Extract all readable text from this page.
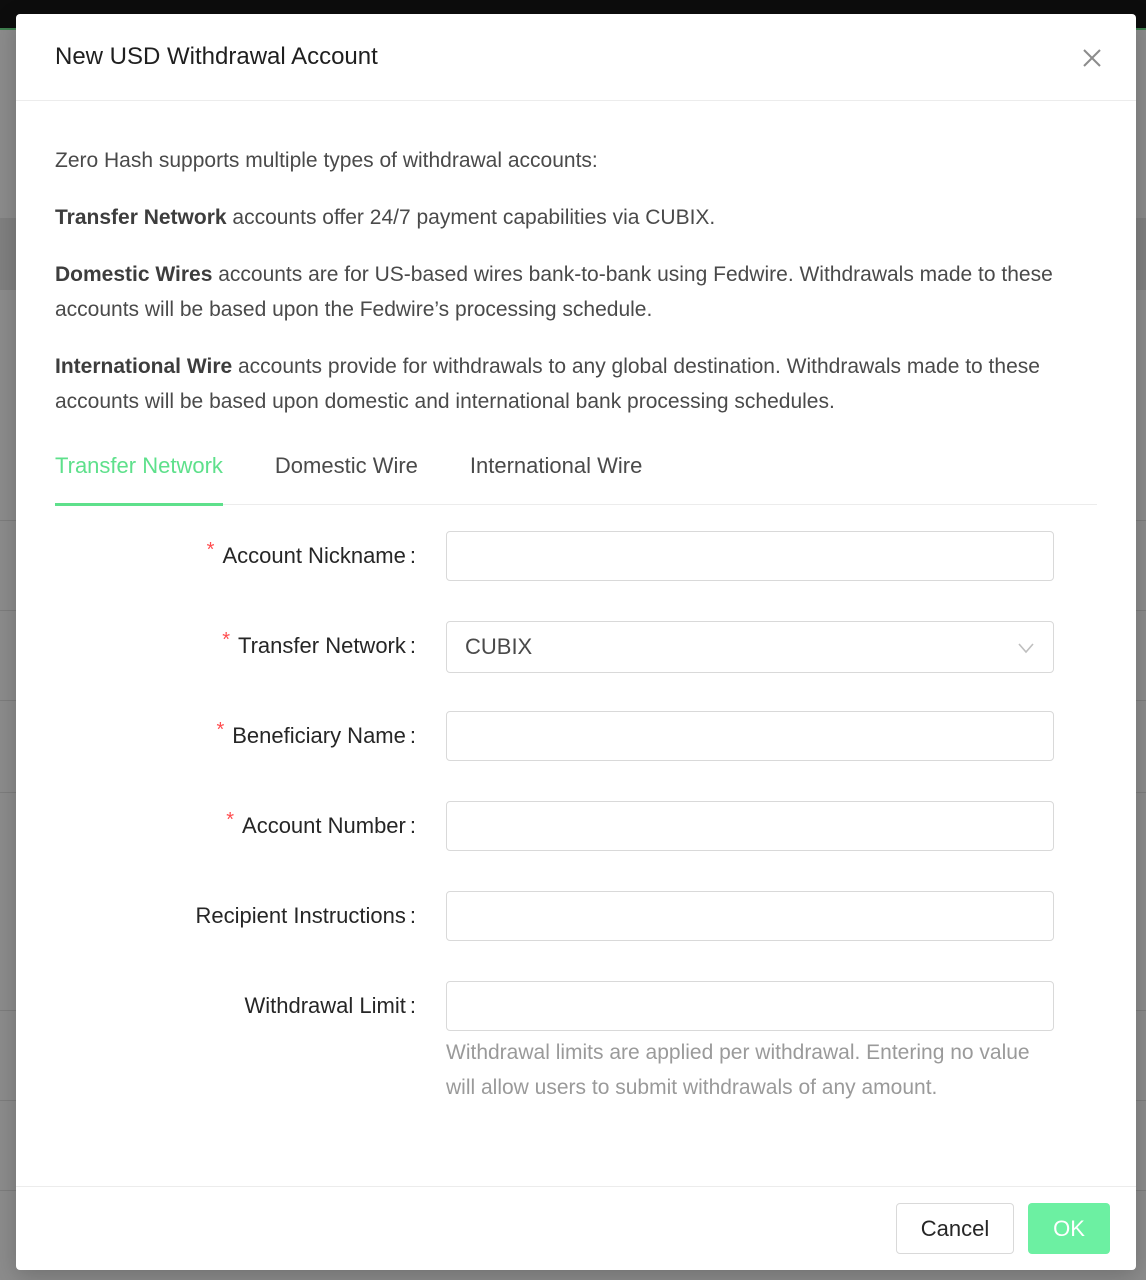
New USD Withdrawal Account

Zero Hash supports multiple types of withdrawal accounts:

Transfer Network accounts offer 24/7 payment capabilities via CUBIX.

Domestic Wires accounts are for US-based wires bank-to-bank using Fedwire. Withdrawals made to these accounts will be based upon the Fedwire’s processing schedule.

International Wire accounts provide for withdrawals to any global destination. Withdrawals made to these accounts will be based upon domestic and international bank processing schedules.

Transfer Network Domestic Wire International Wire
* Account Nickname :
* Transfer Network : CUBIX
* Beneficiary Name :
* Account Number :
Recipient Instructions :
Withdrawal Limit :
Withdrawal limits are applied per withdrawal. Entering no value will allow users to submit withdrawals of any amount.
Cancel	OK
